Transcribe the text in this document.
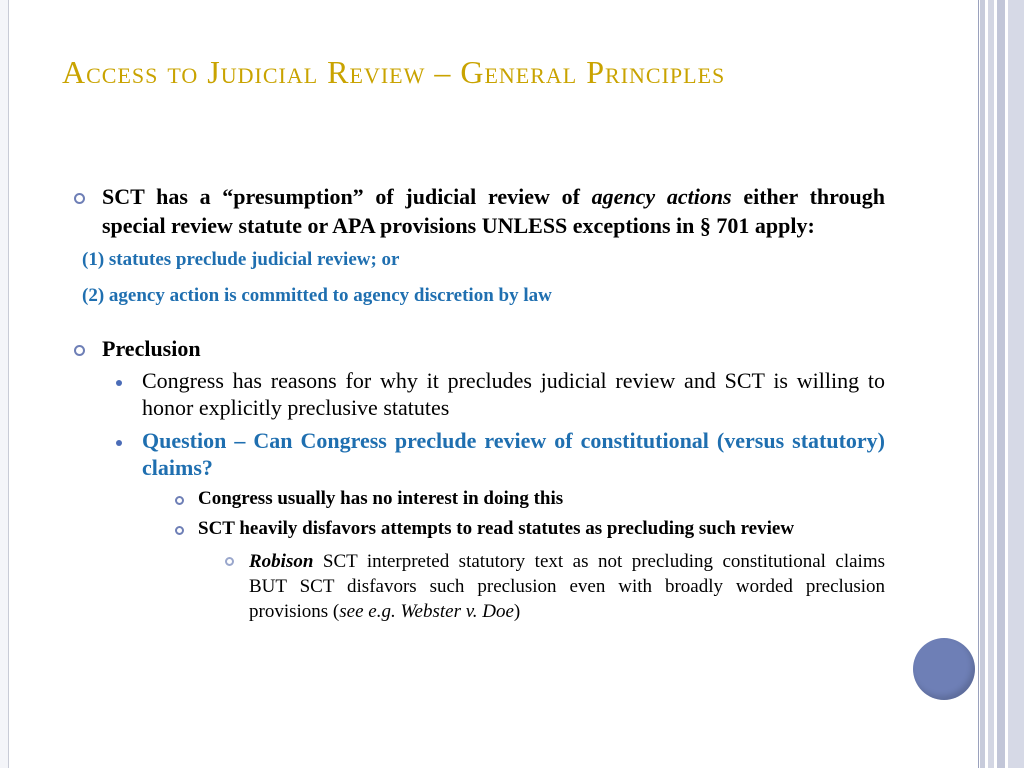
Access to Judicial Review – General Principles
SCT has a “presumption” of judicial review of agency actions either through special review statute or APA provisions UNLESS exceptions in § 701 apply:
(1) statutes preclude judicial review; or
(2) agency action is committed to agency discretion by law
Preclusion
Congress has reasons for why it precludes judicial review and SCT is willing to honor explicitly preclusive statutes
Question – Can Congress preclude review of constitutional (versus statutory) claims?
Congress usually has no interest in doing this
SCT heavily disfavors attempts to read statutes as precluding such review
Robison SCT interpreted statutory text as not precluding constitutional claims BUT SCT disfavors such preclusion even with broadly worded preclusion provisions (see e.g. Webster v. Doe)
